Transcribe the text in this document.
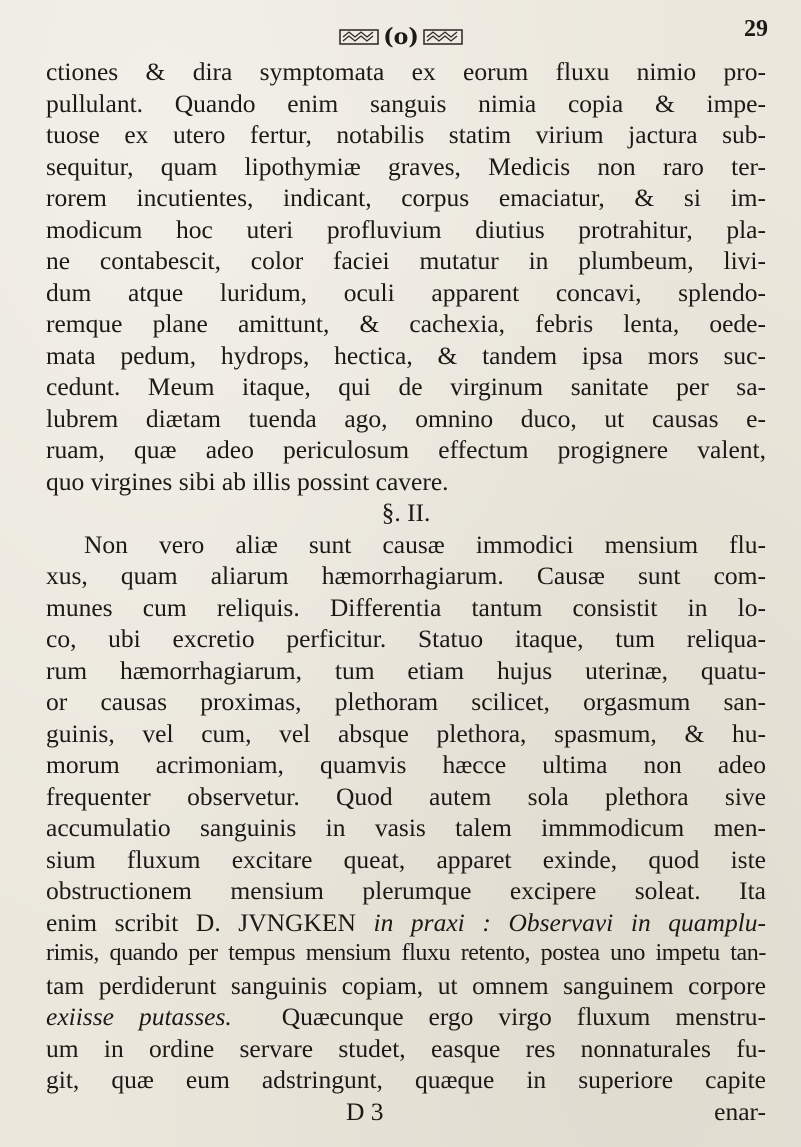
(o)	29
ctiones & dira symptomata ex eorum fluxu nimio pro-
pullulant. Quando enim sanguis nimia copia & impe-
tuose ex utero fertur, notabilis statim virium jactura sub-
sequitur, quam lipothymiæ graves, Medicis non raro ter-
rorem incutientes, indicant, corpus emaciatur, & si im-
modicum hoc uteri profluvium diutius protrahitur, pla-
ne contabescit, color faciei mutatur in plumbeum, livi-
dum atque luridum, oculi apparent concavi, splendo-
remque plane amittunt, & cachexia, febris lenta, oede-
mata pedum, hydrops, hectica, & tandem ipsa mors suc-
cedunt. Meum itaque, qui de virginum sanitate per sa-
lubrem diætam tuenda ago, omnino duco, ut causas e-
ruam, quæ adeo periculosum effectum progignere valent,
quo virgines sibi ab illis possint cavere.
§. II.
Non vero aliæ sunt causæ immodici mensium flu-
xus, quam aliarum hæmorrhagiarum. Causæ sunt com-
munes cum reliquis. Differentia tantum consistit in lo-
co, ubi excretio perficitur. Statuo itaque, tum reliqua-
rum hæmorrhagiarum, tum etiam hujus uterinæ, quatu-
or causas proximas, plethoram scilicet, orgasmum san-
guinis, vel cum, vel absque plethora, spasmum, & hu-
morum acrimoniam, quamvis hæcce ultima non adeo
frequenter observetur. Quod autem sola plethora sive
accumulatio sanguinis in vasis talem immmodicum men-
sium fluxum excitare queat, apparet exinde, quod iste
obstructionem mensium plerumque excipere soleat. Ita
enim scribit D. JVNGKEN in praxi : Observavi in quamplu-
rimis, quando per tempus mensium fluxu retento, postea uno impetu tan-
tam perdiderunt sanguinis copiam, ut omnem sanguinem corpore
exiisse putasses. Quæcunque ergo virgo fluxum menstru-
um in ordine servare studet, easque res nonnaturales fu-
git, quæ eum adstringunt, quæque in superiore capite
D 3	enar-
